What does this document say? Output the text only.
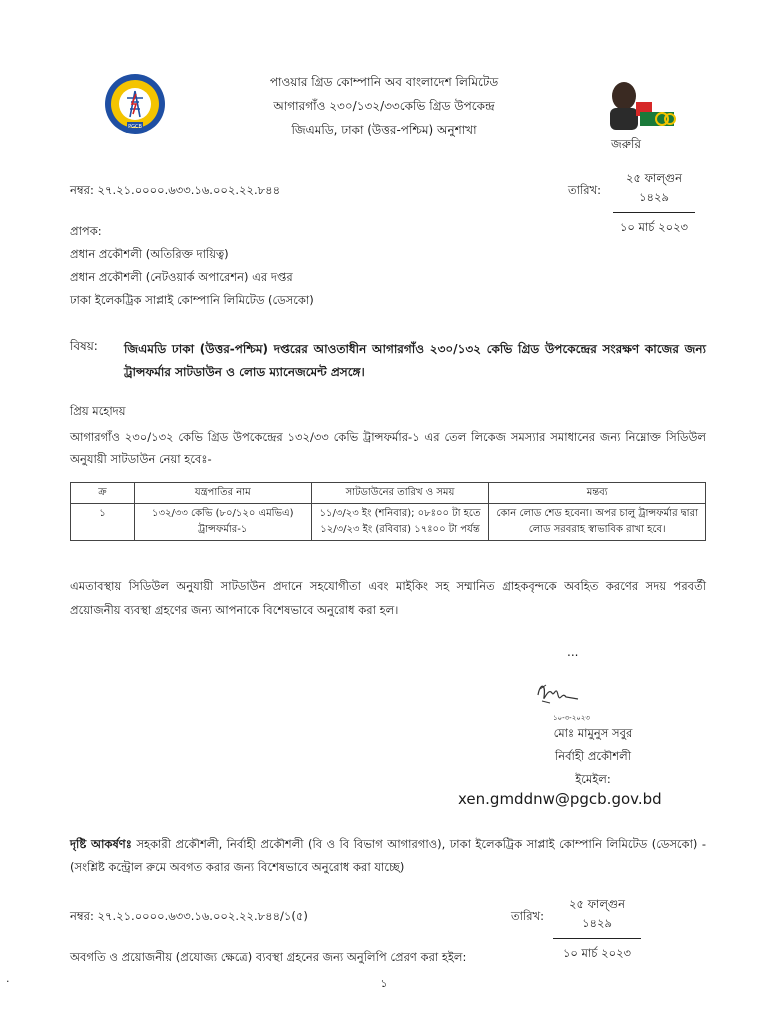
PGCB
পাওয়ার গ্রিড কোম্পানি অব বাংলাদেশ লিমিটেড
আগারগাঁও ২৩০/১৩২/৩৩কেভি গ্রিড উপকেন্দ্র
জিএমডি, ঢাকা (উত্তর-পশ্চিম) অনুশাখা
জরুরি
নম্বর: ২৭.২১.০০০০.৬৩৩.১৬.০০২.২২.৮৪৪	তারিখ:
২৫ ফাল্গুন ১৪২৯
১০ মার্চ ২০২৩
প্রাপক:
প্রধান প্রকৌশলী (অতিরিক্ত দায়িত্ব)
প্রধান প্রকৌশলী (নেটওয়ার্ক অপারেশন) এর দপ্তর
ঢাকা ইলেকট্রিক সাপ্লাই কোম্পানি লিমিটেড (ডেসকো)
বিষয়: জিএমডি ঢাকা (উত্তর-পশ্চিম) দপ্তরের আওতাধীন আগারগাঁও ২৩০/১৩২ কেভি গ্রিড উপকেন্দ্রের সংরক্ষণ কাজের জন্য ট্রান্সফর্মার সাটডাউন ও লোড ম্যানেজমেন্ট প্রসঙ্গে।
প্রিয় মহোদয়
আগারগাঁও ২৩০/১৩২ কেভি গ্রিড উপকেন্দ্রের ১৩২/৩৩ কেভি ট্রান্সফর্মার-১ এর তেল লিকেজ সমস্যার সমাধানের জন্য নিম্নোক্ত সিডিউল অনুযায়ী সাটডাউন নেয়া হবেঃ-
ক্র	যন্ত্রপাতির নাম	সাটডাউনের তারিখ ও সময়	মন্তব্য
১	১৩২/৩৩ কেভি (৮০/১২০ এমভিএ) ট্রান্সফর্মার-১	১১/৩/২৩ ইং (শনিবার); ০৮ঃ০০ টা হতে ১২/৩/২৩ ইং (রবিবার) ১৭ঃ০০ টা পর্যন্ত	কোন লোড শেড হবেনা। অপর চালু ট্রান্সফর্মার দ্বারা লোড সরবরাহ স্বাভাবিক রাখা হবে।
এমতাবস্থায় সিডিউল অনুযায়ী সাটডাউন প্রদানে সহযোগীতা এবং মাইকিং সহ সম্মানিত গ্রাহকবৃন্দকে অবহিত করণের সদয় পরবর্তী প্রয়োজনীয় ব্যবস্থা গ্রহণের জন্য আপনাকে বিশেষভাবে অনুরোধ করা হল।
...
১০-৩-২০২৩
মোঃ মামুনুস সবুর
নির্বাহী প্রকৌশলী
ইমেইল:
xen.gmddnw@pgcb.gov.bd
দৃষ্টি আকর্ষণঃ সহকারী প্রকৌশলী, নির্বাহী প্রকৌশলী (বি ও বি বিভাগ আগারগাও), ঢাকা ইলেকট্রিক সাপ্লাই কোম্পানি লিমিটেড (ডেসকো) -(সংশ্লিষ্ট কন্ট্রোল রুমে অবগত করার জন্য বিশেষভাবে অনুরোধ করা যাচ্ছে)
নম্বর: ২৭.২১.০০০০.৬৩৩.১৬.০০২.২২.৮৪৪/১(৫)	তারিখ:
২৫ ফাল্গুন ১৪২৯
১০ মার্চ ২০২৩
অবগতি ও প্রয়োজনীয় (প্রযোজ্য ক্ষেত্রে) ব্যবস্থা গ্রহনের জন্য অনুলিপি প্রেরণ করা হইল:
১
.
